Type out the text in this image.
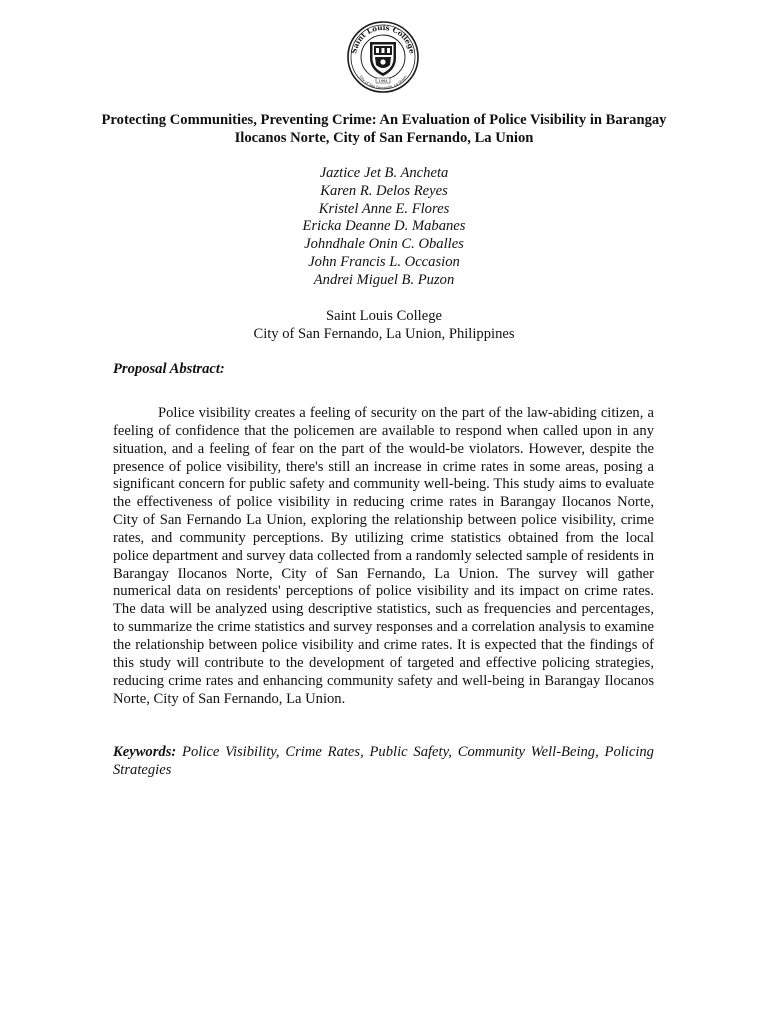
Saint Louis College
City of San Fernando, La Union
1964
Protecting Communities, Preventing Crime: An Evaluation of Police Visibility in Barangay Ilocanos Norte, City of San Fernando, La Union
Jaztice Jet B. Ancheta
Karen R. Delos Reyes
Kristel Anne E. Flores
Ericka Deanne D. Mabanes
Johndhale Onin C. Oballes
John Francis L. Occasion
Andrei Miguel B. Puzon
Saint Louis College
City of San Fernando, La Union, Philippines
Proposal Abstract:

Police visibility creates a feeling of security on the part of the law-abiding citizen, a feeling of confidence that the policemen are available to respond when called upon in any situation, and a feeling of fear on the part of the would-be violators. However, despite the presence of police visibility, there's still an increase in crime rates in some areas, posing a significant concern for public safety and community well-being. This study aims to evaluate the effectiveness of police visibility in reducing crime rates in Barangay Ilocanos Norte, City of San Fernando La Union, exploring the relationship between police visibility, crime rates, and community perceptions. By utilizing crime statistics obtained from the local police department and survey data collected from a randomly selected sample of residents in Barangay Ilocanos Norte, City of San Fernando, La Union. The survey will gather numerical data on residents' perceptions of police visibility and its impact on crime rates. The data will be analyzed using descriptive statistics, such as frequencies and percentages, to summarize the crime statistics and survey responses and a correlation analysis to examine the relationship between police visibility and crime rates. It is expected that the findings of this study will contribute to the development of targeted and effective policing strategies, reducing crime rates and enhancing community safety and well-being in Barangay Ilocanos Norte, City of San Fernando, La Union.

Keywords: Police Visibility, Crime Rates, Public Safety, Community Well-Being, Policing Strategies
